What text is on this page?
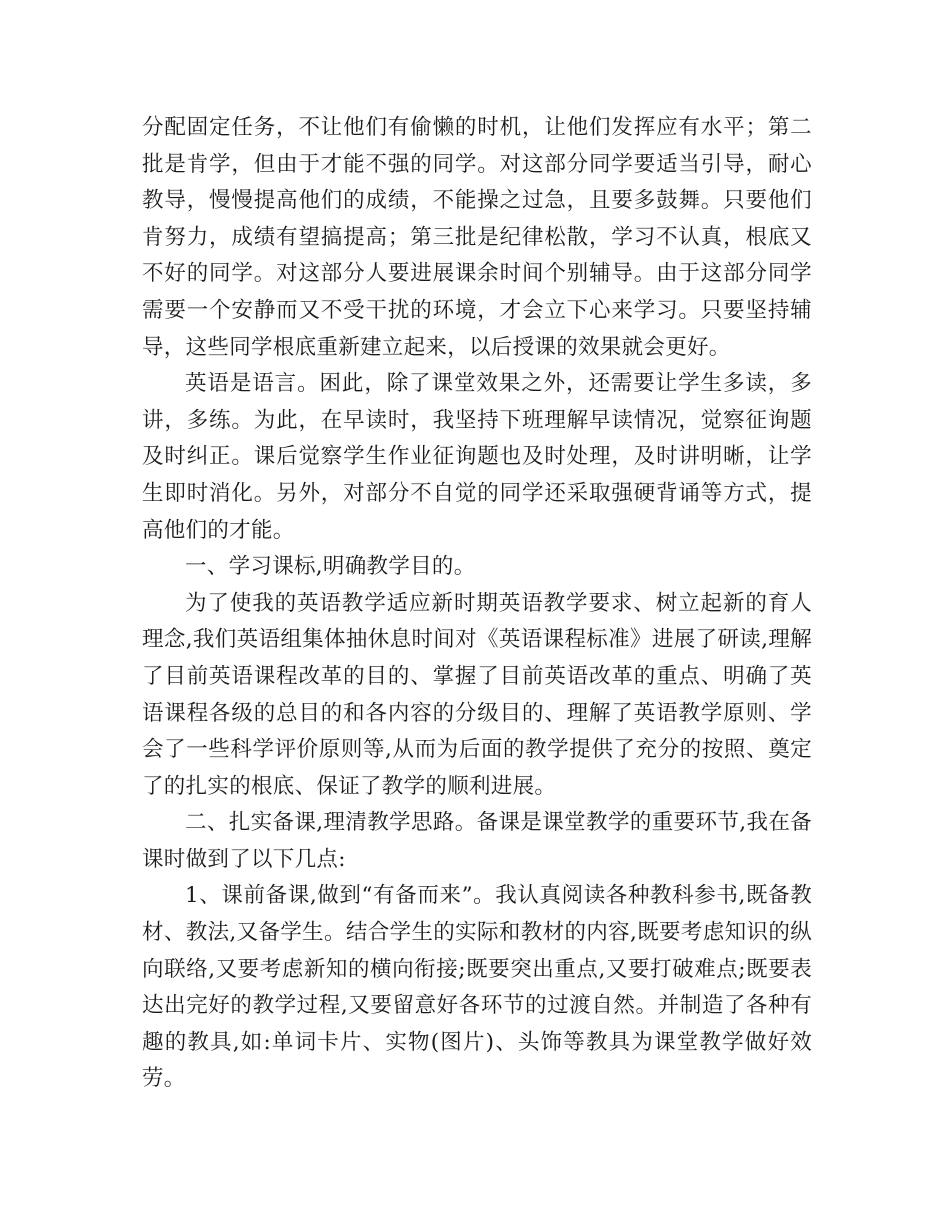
分配固定任务，不让他们有偷懒的时机，让他们发挥应有水平；第二批是肯学，但由于才能不强的同学。对这部分同学要适当引导，耐心教导，慢慢提高他们的成绩，不能操之过急，且要多鼓舞。只要他们肯努力，成绩有望搞提高；第三批是纪律松散，学习不认真，根底又不好的同学。对这部分人要进展课余时间个别辅导。由于这部分同学需要一个安静而又不受干扰的环境，才会立下心来学习。只要坚持辅导，这些同学根底重新建立起来，以后授课的效果就会更好。

英语是语言。困此，除了课堂效果之外，还需要让学生多读，多讲，多练。为此，在早读时，我坚持下班理解早读情况，觉察征询题及时纠正。课后觉察学生作业征询题也及时处理，及时讲明晰，让学生即时消化。另外，对部分不自觉的同学还采取强硬背诵等方式，提高他们的才能。

一、学习课标,明确教学目的。

为了使我的英语教学适应新时期英语教学要求、树立起新的育人理念,我们英语组集体抽休息时间对《英语课程标准》进展了研读,理解了目前英语课程改革的目的、掌握了目前英语改革的重点、明确了英语课程各级的总目的和各内容的分级目的、理解了英语教学原则、学会了一些科学评价原则等,从而为后面的教学提供了充分的按照、奠定了的扎实的根底、保证了教学的顺利进展。

二、扎实备课,理清教学思路。备课是课堂教学的重要环节,我在备课时做到了以下几点:

1、课前备课,做到“有备而来”。我认真阅读各种教科参书,既备教材、教法,又备学生。结合学生的实际和教材的内容,既要考虑知识的纵向联络,又要考虑新知的横向衔接;既要突出重点,又要打破难点;既要表达出完好的教学过程,又要留意好各环节的过渡自然。并制造了各种有趣的教具,如:单词卡片、实物(图片)、头饰等教具为课堂教学做好效劳。
